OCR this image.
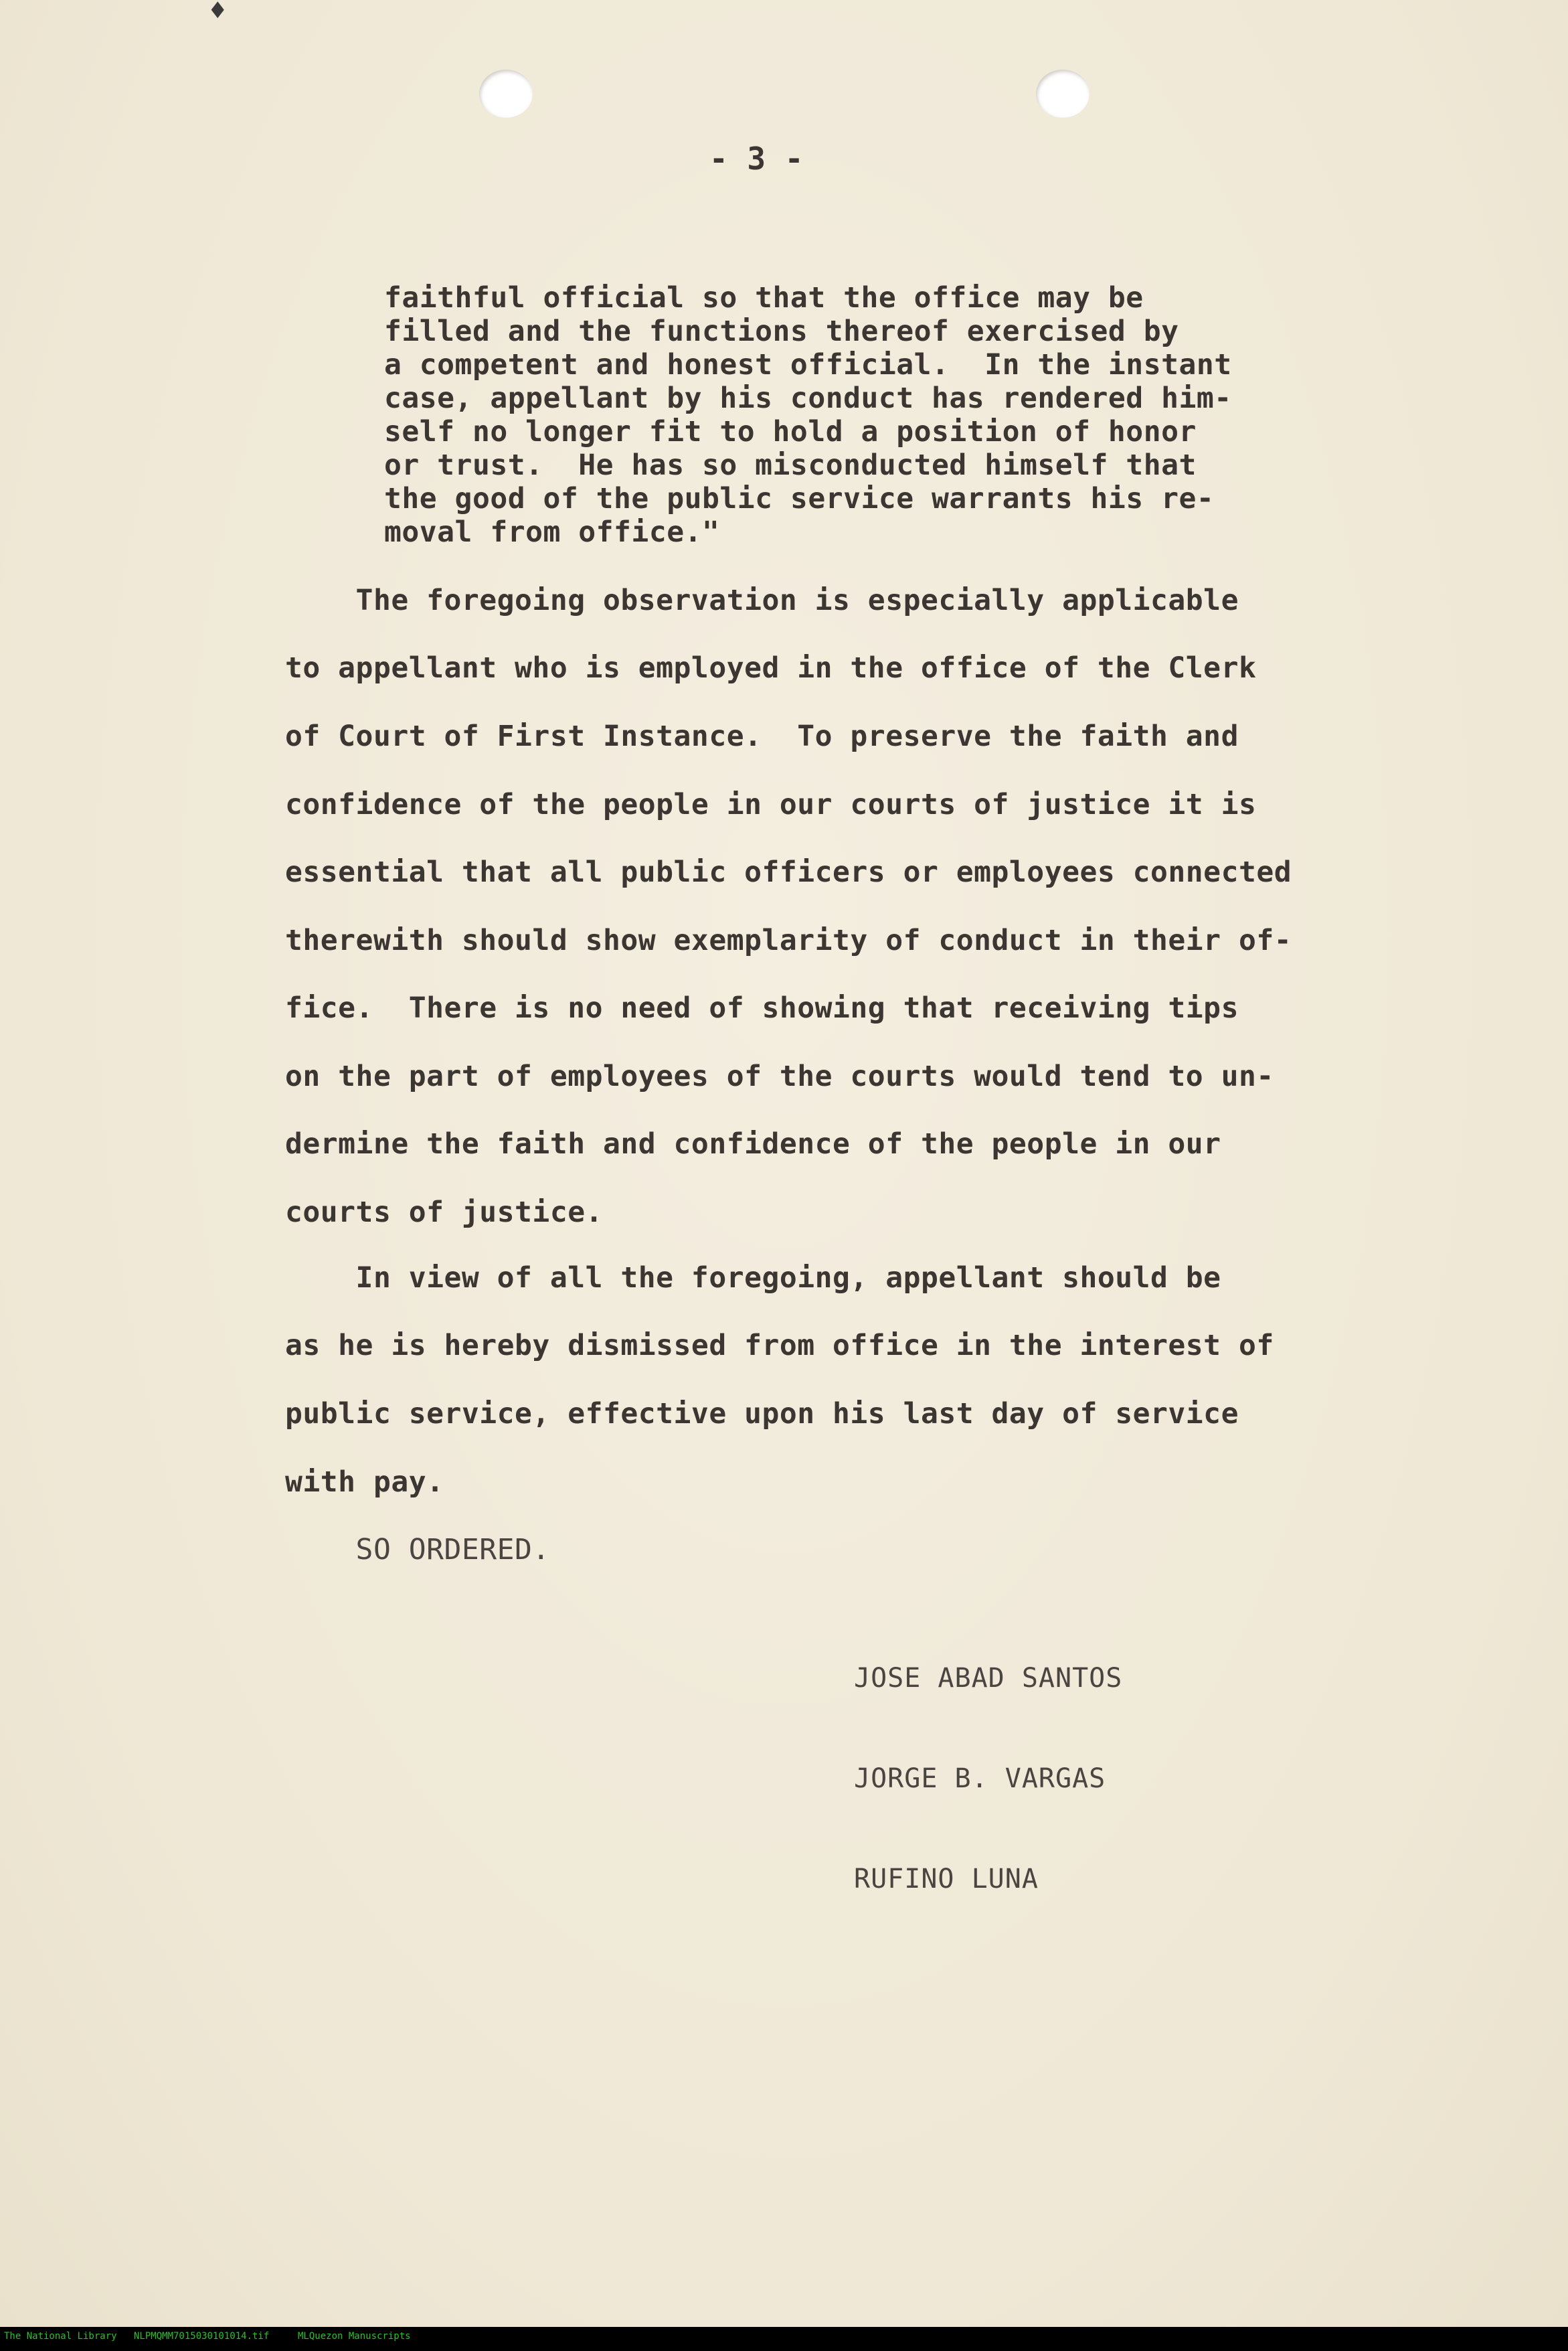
♦
- 3 -
faithful official so that the office may be
filled and the functions thereof exercised by
a competent and honest official.  In the instant
case, appellant by his conduct has rendered him-
self no longer fit to hold a position of honor
or trust.  He has so misconducted himself that
the good of the public service warrants his re-
moval from office."
The foregoing observation is especially applicable
to appellant who is employed in the office of the Clerk
of Court of First Instance.  To preserve the faith and
confidence of the people in our courts of justice it is
essential that all public officers or employees connected
therewith should show exemplarity of conduct in their of-
fice.  There is no need of showing that receiving tips
on the part of employees of the courts would tend to un-
dermine the faith and confidence of the people in our
courts of justice.
In view of all the foregoing, appellant should be
as he is hereby dismissed from office in the interest of
public service, effective upon his last day of service
with pay.
SO ORDERED.
JOSE ABAD SANTOS
JORGE B. VARGAS
RUFINO LUNA
The National Library NLPMQMM7015030101014.tif	MLQuezon Manuscripts
